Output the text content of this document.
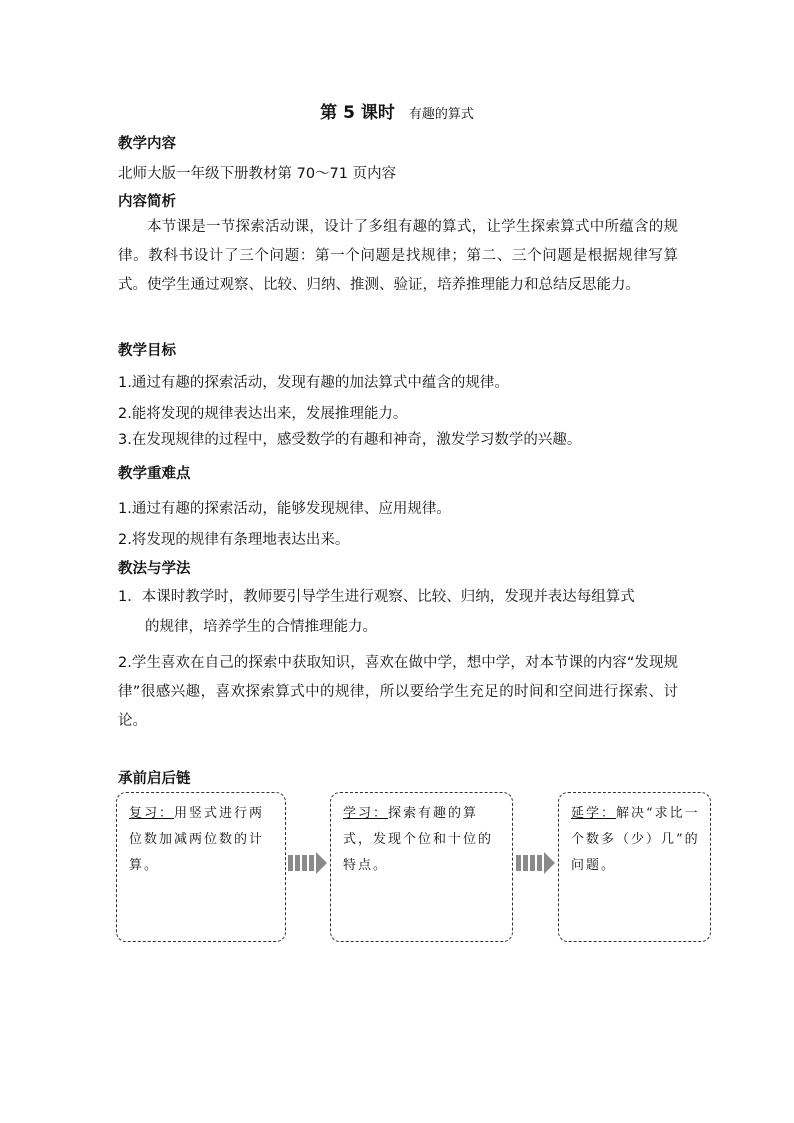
第 5 课时 有趣的算式
教学内容
北师大版一年级下册教材第 70～71 页内容
内容简析
本节课是一节探索活动课，设计了多组有趣的算式，让学生探索算式中所蕴含的规律。教科书设计了三个问题：第一个问题是找规律；第二、三个问题是根据规律写算式。使学生通过观察、比较、归纳、推测、验证，培养推理能力和总结反思能力。
教学目标
1.通过有趣的探索活动，发现有趣的加法算式中蕴含的规律。
2.能将发现的规律表达出来，发展推理能力。
3.在发现规律的过程中，感受数学的有趣和神奇，激发学习数学的兴趣。
教学重难点
1.通过有趣的探索活动，能够发现规律、应用规律。
2.将发现的规律有条理地表达出来。
教法与学法
1．本课时教学时，教师要引导学生进行观察、比较、归纳，发现并表达每组算式
的规律，培养学生的合情推理能力。
2.学生喜欢在自己的探索中获取知识，喜欢在做中学，想中学，对本节课的内容“发现规律”很感兴趣，喜欢探索算式中的规律，所以要给学生充足的时间和空间进行探索、讨论。
承前启后链
复习：用竖式进行两位数加减两位数的计算。
学习：探索有趣的算式，发现个位和十位的特点。
延学：解决“求比一个数多（少）几”的问题。
